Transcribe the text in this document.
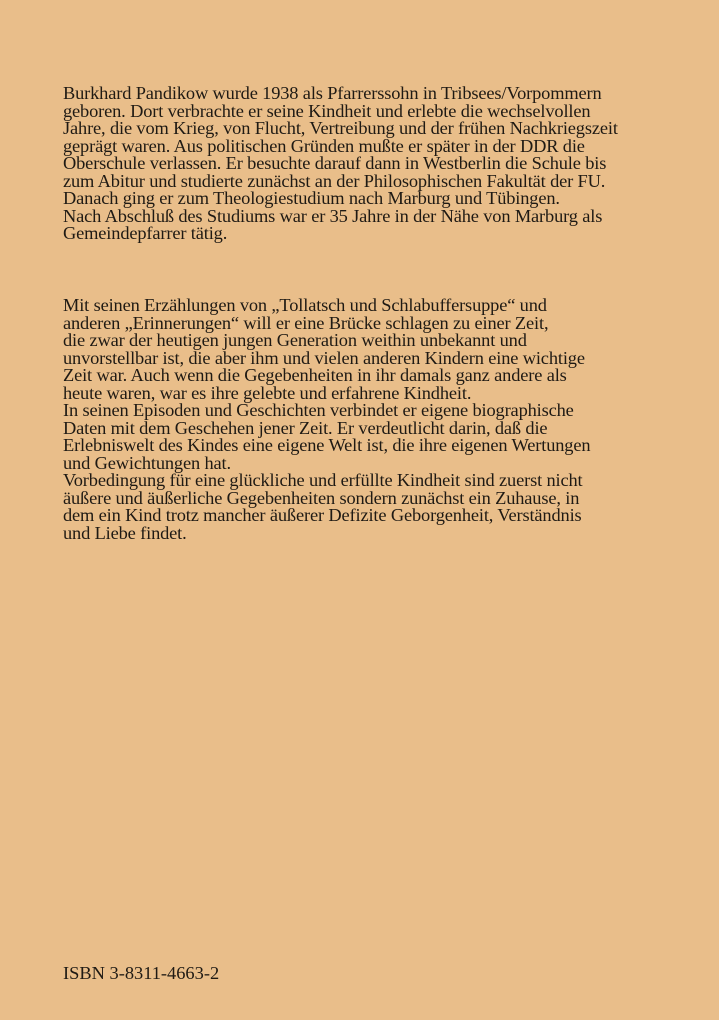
Burkhard Pandikow wurde 1938 als Pfarrerssohn in Tribsees/Vorpommern
geboren. Dort verbrachte er seine Kindheit und erlebte die wechselvollen
Jahre, die vom Krieg, von Flucht, Vertreibung und der frühen Nachkriegszeit
geprägt waren. Aus politischen Gründen mußte er später in der DDR die
Oberschule verlassen. Er besuchte darauf dann in Westberlin die Schule bis
zum Abitur und studierte zunächst an der Philosophischen Fakultät der FU.
Danach ging er zum Theologiestudium nach Marburg und Tübingen.
Nach Abschluß des Studiums war er 35 Jahre in der Nähe von Marburg als
Gemeindepfarrer tätig.
Mit seinen Erzählungen von „Tollatsch und Schlabuffersuppe“ und
anderen „Erinnerungen“ will er eine Brücke schlagen zu einer Zeit,
die zwar der heutigen jungen Generation weithin unbekannt und
unvorstellbar ist, die aber ihm und vielen anderen Kindern eine wichtige
Zeit war. Auch wenn die Gegebenheiten in ihr damals ganz andere als
heute waren, war es ihre gelebte und erfahrene Kindheit.
In seinen Episoden und Geschichten verbindet er eigene biographische
Daten mit dem Geschehen jener Zeit. Er verdeutlicht darin, daß die
Erlebniswelt des Kindes eine eigene Welt ist, die ihre eigenen Wertungen
und Gewichtungen hat.
Vorbedingung für eine glückliche und erfüllte Kindheit sind zuerst nicht
äußere und äußerliche Gegebenheiten sondern zunächst ein Zuhause, in
dem ein Kind trotz mancher äußerer Defizite Geborgenheit, Verständnis
und Liebe findet.
ISBN 3-8311-4663-2
